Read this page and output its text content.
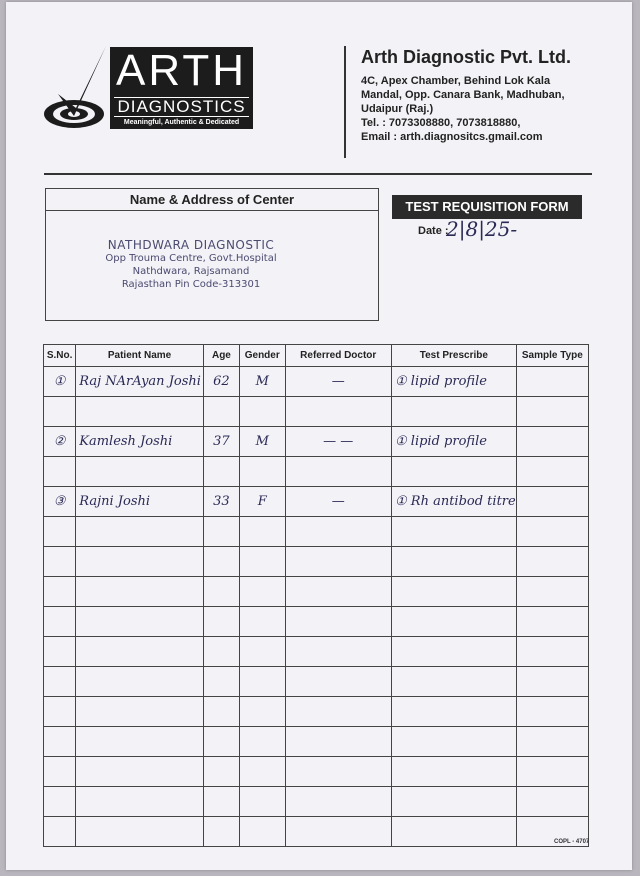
ARTH
DIAGNOSTICS
Meaningful, Authentic & Dedicated
Arth Diagnostic Pvt. Ltd.
4C, Apex Chamber, Behind Lok Kala
Mandal, Opp. Canara Bank, Madhuban,
Udaipur (Raj.)
Tel. : 7073308880, 7073818880,
Email : arth.diagnositcs.gmail.com
Name & Address of Center
NATHDWARA DIAGNOSTIC
Opp Trouma Centre, Govt.Hospital
Nathdwara, Rajsamand
Rajasthan Pin Code-313301
TEST REQUISITION FORM
Date :
2|8|25-
S.No.	Patient Name	Age	Gender	Referred Doctor	Test Prescribe	Sample Type
①	Raj NArAyan Joshi	62	M	—	① lipid profile	

②	Kamlesh Joshi	37	M	— —	① lipid profile	

③	Rajni Joshi	33	F	—	① Rh antibod titre	

COPL - 4707
